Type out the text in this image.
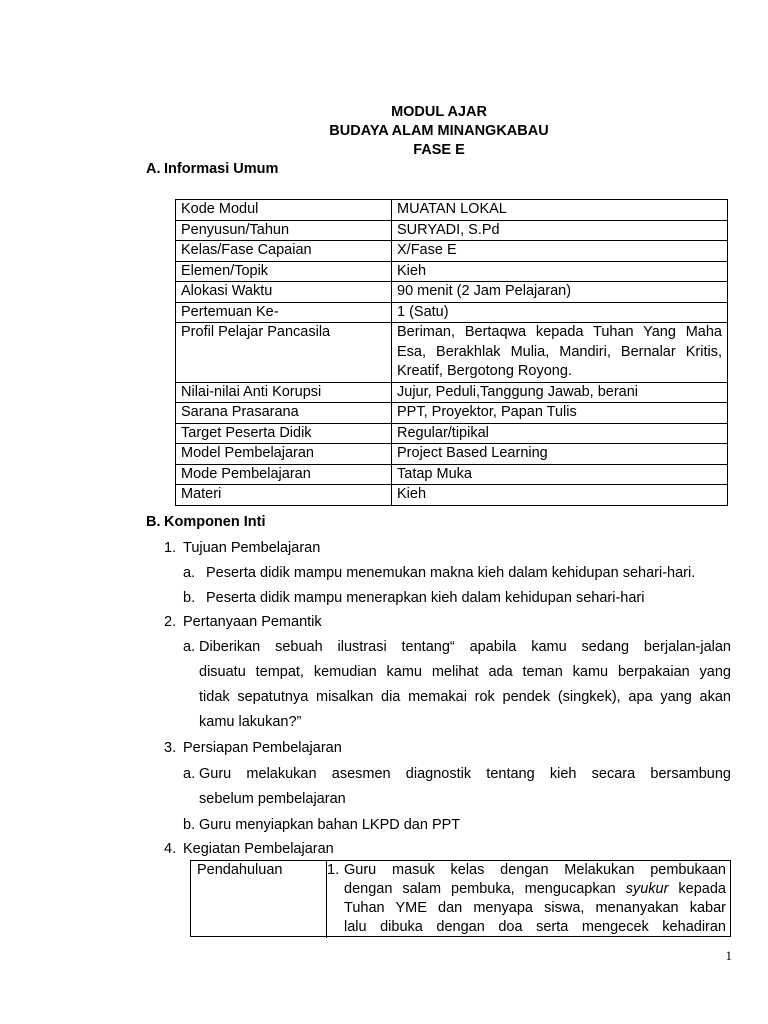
MODUL AJAR
BUDAYA ALAM MINANGKABAU
FASE E
A. Informasi Umum
Kode Modul	MUATAN LOKAL
Penyusun/Tahun	SURYADI, S.Pd
Kelas/Fase Capaian	X/Fase E
Elemen/Topik	Kieh
Alokasi Waktu	90 menit (2 Jam Pelajaran)
Pertemuan Ke-	1 (Satu)
Profil Pelajar Pancasila	Beriman, Bertaqwa kepada Tuhan Yang Maha Esa, Berakhlak Mulia, Mandiri, Bernalar Kritis, Kreatif, Bergotong Royong.
Nilai-nilai Anti Korupsi	Jujur, Peduli,Tanggung Jawab, berani
Sarana Prasarana	PPT, Proyektor, Papan Tulis
Target Peserta Didik	Regular/tipikal
Model Pembelajaran	Project Based Learning
Mode Pembelajaran	Tatap Muka
Materi	Kieh
B. Komponen Inti
1. Tujuan Pembelajaran
a. Peserta didik mampu menemukan makna kieh dalam kehidupan sehari-hari.
b. Peserta didik mampu menerapkan kieh dalam kehidupan sehari-hari
2. Pertanyaan Pemantik
a. Diberikan sebuah ilustrasi tentang“ apabila kamu sedang berjalan-jalan
disuatu tempat, kemudian kamu melihat ada teman kamu berpakaian yang
tidak sepatutnya misalkan dia memakai rok pendek (singkek), apa yang akan
kamu lakukan?”
3. Persiapan Pembelajaran
a. Guru melakukan asesmen diagnostik tentang kieh secara bersambung
sebelum pembelajaran
b. Guru menyiapkan bahan LKPD dan PPT
4. Kegiatan Pembelajaran
Pendahuluan	1. Guru masuk kelas dengan Melakukan pembukaan
dengan salam pembuka, mengucapkan syukur kepada
Tuhan YME dan menyapa siswa, menanyakan kabar
lalu dibuka dengan doa serta mengecek kehadiran
1
